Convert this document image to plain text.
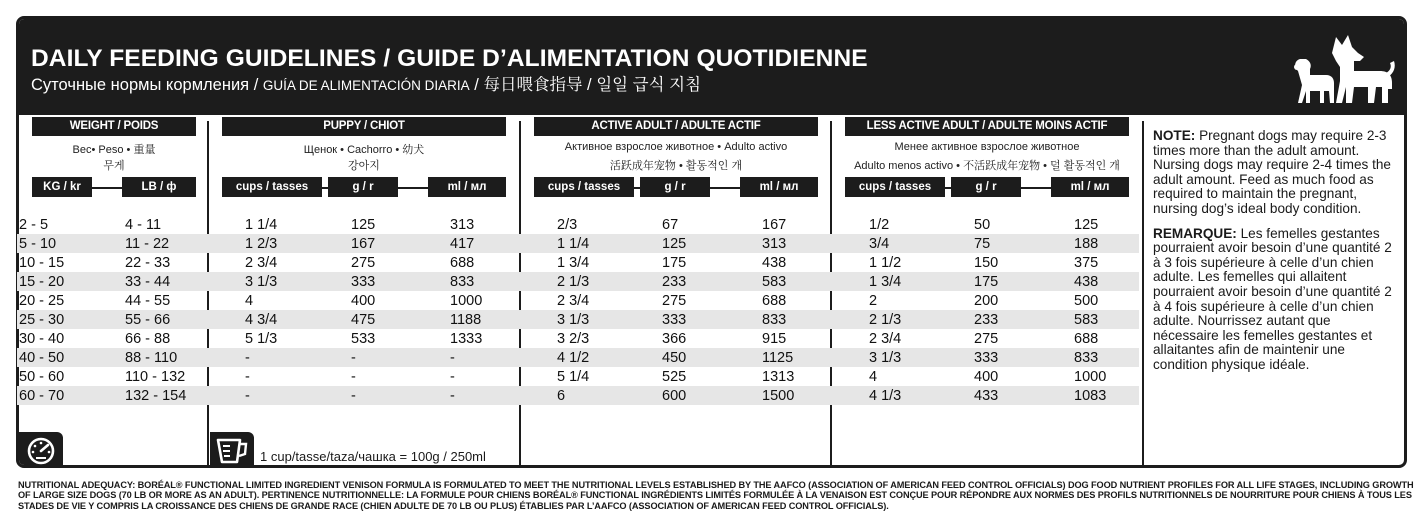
DAILY FEEDING GUIDELINES / GUIDE D’ALIMENTATION QUOTIDIENNE
Суточные нормы кормления / GUÍA DE ALIMENTACIÓN DIARIA / 每日喂食指导 / 일일 급식 지침
WEIGHT / POIDS
Вес• Peso • 重量
무게
KG / kr	LB / ф
PUPPY / CHIOT
Щенок • Cachorro • 幼犬
강아지
cups / tasses	g / r	ml / мл
ACTIVE ADULT / ADULTE ACTIF
Активное взрослое животное • Adulto activo
活跃成年宠物 • 활동적인 개
cups / tasses	g / r	ml / мл
LESS ACTIVE ADULT / ADULTE MOINS ACTIF
Менее активное взрослое животное
Adulto menos activo • 不活跃成年宠物 • 덜 활동적인 개
cups / tasses	g / r	ml / мл

NOTE: Pregnant dogs may require 2-3 times more than the adult amount. Nursing dogs may require 2-4 times the adult amount. Feed as much food as required to maintain the pregnant, nursing dog’s ideal body condition.

REMARQUE: Les femelles gestantes pourraient avoir besoin d’une quantité 2 à 3 fois supérieure à celle d’un chien adulte. Les femelles qui allaitent pourraient avoir besoin d’une quantité 2 à 4 fois supérieure à celle d’un chien adulte. Nourrissez autant que nécessaire les femelles gestantes et allaitantes afin de maintenir une condition physique idéale.

1 cup/tasse/taza/чашка = 100g / 250ml
2 - 5	4 - 11	1 1/4	125	313	2/3	67	167	1/2	50	125
5 - 10	11 - 22	1 2/3	167	417	1 1/4	125	313	3/4	75	188
10 - 15	22 - 33	2 3/4	275	688	1 3/4	175	438	1 1/2	150	375
15 - 20	33 - 44	3 1/3	333	833	2 1/3	233	583	1 3/4	175	438
20 - 25	44 - 55	4	400	1000	2 3/4	275	688	2	200	500
25 - 30	55 - 66	4 3/4	475	1188	3 1/3	333	833	2 1/3	233	583
30 - 40	66 - 88	5 1/3	533	1333	3 2/3	366	915	2 3/4	275	688
40 - 50	88 - 110	-	-	-	4 1/2	450	1125	3 1/3	333	833
50 - 60	110 - 132	-	-	-	5 1/4	525	1313	4	400	1000
60 - 70	132 - 154	-	-	-	6	600	1500	4 1/3	433	1083
NUTRITIONAL ADEQUACY: BORÉAL® FUNCTIONAL LIMITED INGREDIENT VENISON FORMULA IS FORMULATED TO MEET THE NUTRITIONAL LEVELS ESTABLISHED BY THE AAFCO (ASSOCIATION OF AMERICAN FEED CONTROL OFFICIALS) DOG FOOD NUTRIENT PROFILES FOR ALL LIFE STAGES, INCLUDING GROWTH OF LARGE SIZE DOGS (70 LB OR MORE AS AN ADULT). PERTINENCE NUTRITIONNELLE: LA FORMULE POUR CHIENS BORÉAL® FUNCTIONAL INGRÉDIENTS LIMITÉS FORMULÉE À LA VENAISON EST CONÇUE POUR RÉPONDRE AUX NORMES DES PROFILS NUTRITIONNELS DE NOURRITURE POUR CHIENS À TOUS LES STADES DE VIE Y COMPRIS LA CROISSANCE DES CHIENS DE GRANDE RACE (CHIEN ADULTE DE 70 LB OU PLUS) ÉTABLIES PAR L’AAFCO (ASSOCIATION OF AMERICAN FEED CONTROL OFFICIALS).
